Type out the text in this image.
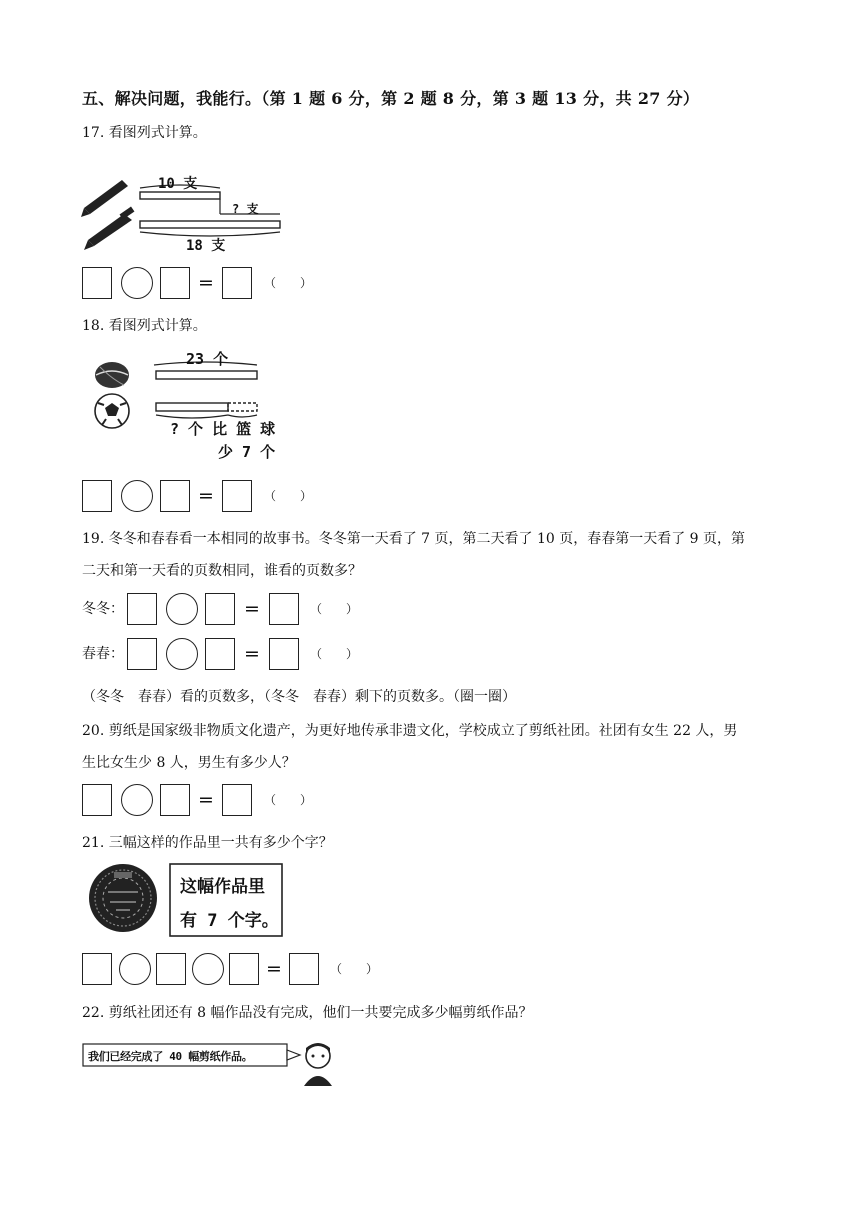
五、解决问题，我能行。（第 1 题 6 分，第 2 题 8 分，第 3 题 13 分，共 27 分）
17. 看图列式计算。
10 支
? 支
18 支
=	（　　）
18. 看图列式计算。
23 个
? 个 比 篮 球
少 7 个
=	（　　）
19. 冬冬和春春看一本相同的故事书。冬冬第一天看了 7 页，第二天看了 10 页，春春第一天看了 9 页，第
二天和第一天看的页数相同，谁看的页数多？
冬冬：	=	（　　）
春春：	=	（　　）
（冬冬　春春）看的页数多，（冬冬　春春）剩下的页数多。（圈一圈）
20. 剪纸是国家级非物质文化遗产，为更好地传承非遗文化，学校成立了剪纸社团。社团有女生 22 人，男
生比女生少 8 人，男生有多少人？
=	（　　）
21. 三幅这样的作品里一共有多少个字？
这幅作品里
有 7 个字。
=	（　　）
22. 剪纸社团还有 8 幅作品没有完成，他们一共要完成多少幅剪纸作品？
我们已经完成了 40 幅剪纸作品。
